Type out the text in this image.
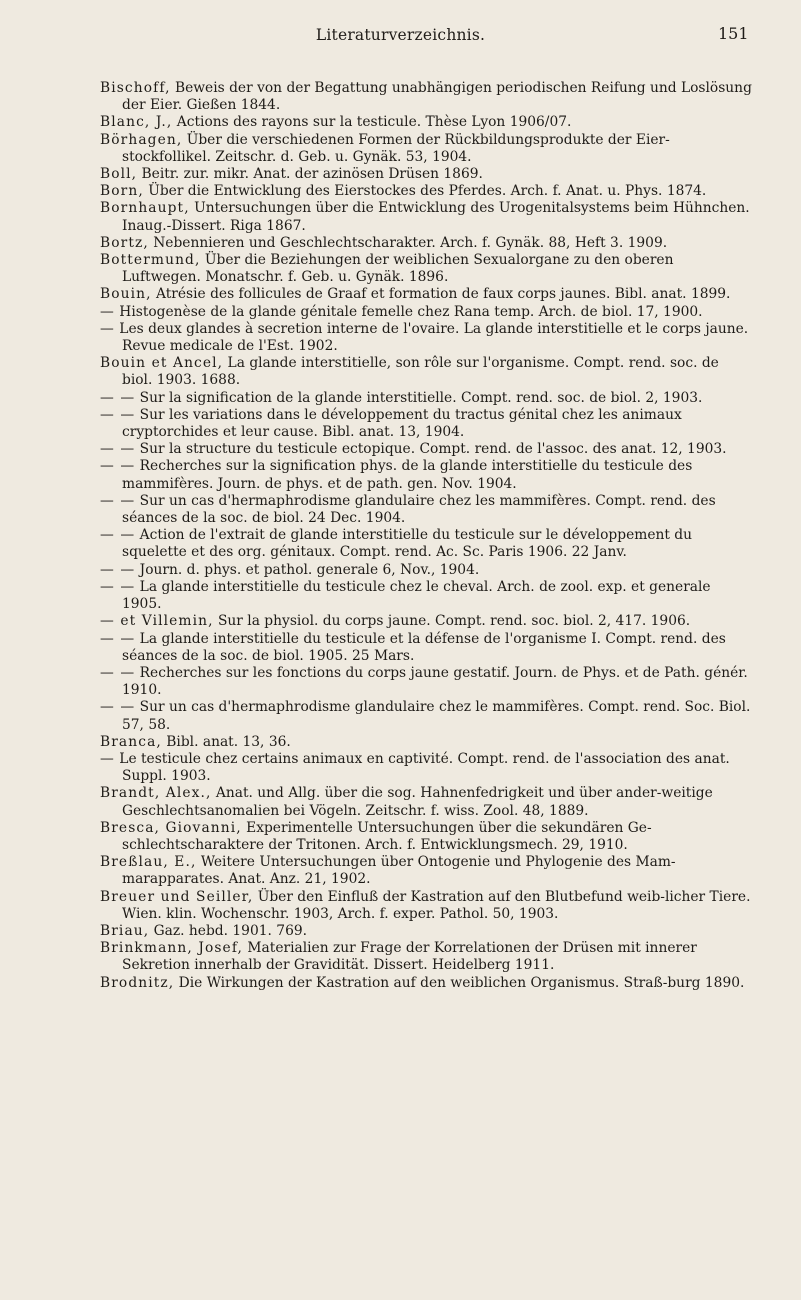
Literaturverzeichnis.	151
Bischoff, Beweis der von der Begattung unabhängigen periodischen Reifung und Loslösung der Eier. Gießen 1844.
Blanc, J., Actions des rayons sur la testicule. Thèse Lyon 1906/07.
Börhagen, Über die verschiedenen Formen der Rückbildungsprodukte der Eier-stockfollikel. Zeitschr. d. Geb. u. Gynäk. 53, 1904.
Boll, Beitr. zur. mikr. Anat. der azinösen Drüsen 1869.
Born, Über die Entwicklung des Eierstockes des Pferdes. Arch. f. Anat. u. Phys. 1874.
Bornhaupt, Untersuchungen über die Entwicklung des Urogenitalsystems beim Hühnchen. Inaug.-Dissert. Riga 1867.
Bortz, Nebennieren und Geschlechtscharakter. Arch. f. Gynäk. 88, Heft 3. 1909.
Bottermund, Über die Beziehungen der weiblichen Sexualorgane zu den oberen Luftwegen. Monatschr. f. Geb. u. Gynäk. 1896.
Bouin, Atrésie des follicules de Graaf et formation de faux corps jaunes. Bibl. anat. 1899.
— Histogenèse de la glande génitale femelle chez Rana temp. Arch. de biol. 17, 1900.
— Les deux glandes à secretion interne de l'ovaire. La glande interstitielle et le corps jaune. Revue medicale de l'Est. 1902.
Bouin et Ancel, La glande interstitielle, son rôle sur l'organisme. Compt. rend. soc. de biol. 1903. 1688.
— — Sur la signification de la glande interstitielle. Compt. rend. soc. de biol. 2, 1903.
— — Sur les variations dans le développement du tractus génital chez les animaux cryptorchides et leur cause. Bibl. anat. 13, 1904.
— — Sur la structure du testicule ectopique. Compt. rend. de l'assoc. des anat. 12, 1903.
— — Recherches sur la signification phys. de la glande interstitielle du testicule des mammifères. Journ. de phys. et de path. gen. Nov. 1904.
— — Sur un cas d'hermaphrodisme glandulaire chez les mammifères. Compt. rend. des séances de la soc. de biol. 24 Dec. 1904.
— — Action de l'extrait de glande interstitielle du testicule sur le développement du squelette et des org. génitaux. Compt. rend. Ac. Sc. Paris 1906. 22 Janv.
— — Journ. d. phys. et pathol. generale 6, Nov., 1904.
— — La glande interstitielle du testicule chez le cheval. Arch. de zool. exp. et generale 1905.
— et Villemin, Sur la physiol. du corps jaune. Compt. rend. soc. biol. 2, 417. 1906.
— — La glande interstitielle du testicule et la défense de l'organisme I. Compt. rend. des séances de la soc. de biol. 1905. 25 Mars.
— — Recherches sur les fonctions du corps jaune gestatif. Journ. de Phys. et de Path. génér. 1910.
— — Sur un cas d'hermaphrodisme glandulaire chez le mammifères. Compt. rend. Soc. Biol. 57, 58.
Branca, Bibl. anat. 13, 36.
— Le testicule chez certains animaux en captivité. Compt. rend. de l'association des anat. Suppl. 1903.
Brandt, Alex., Anat. und Allg. über die sog. Hahnenfedrigkeit und über ander-weitige Geschlechtsanomalien bei Vögeln. Zeitschr. f. wiss. Zool. 48, 1889.
Bresca, Giovanni, Experimentelle Untersuchungen über die sekundären Ge-schlechtscharaktere der Tritonen. Arch. f. Entwicklungsmech. 29, 1910.
Breßlau, E., Weitere Untersuchungen über Ontogenie und Phylogenie des Mam-marapparates. Anat. Anz. 21, 1902.
Breuer und Seiller, Über den Einfluß der Kastration auf den Blutbefund weib-licher Tiere. Wien. klin. Wochenschr. 1903, Arch. f. exper. Pathol. 50, 1903.
Briau, Gaz. hebd. 1901. 769.
Brinkmann, Josef, Materialien zur Frage der Korrelationen der Drüsen mit innerer Sekretion innerhalb der Gravidität. Dissert. Heidelberg 1911.
Brodnitz, Die Wirkungen der Kastration auf den weiblichen Organismus. Straß-burg 1890.
